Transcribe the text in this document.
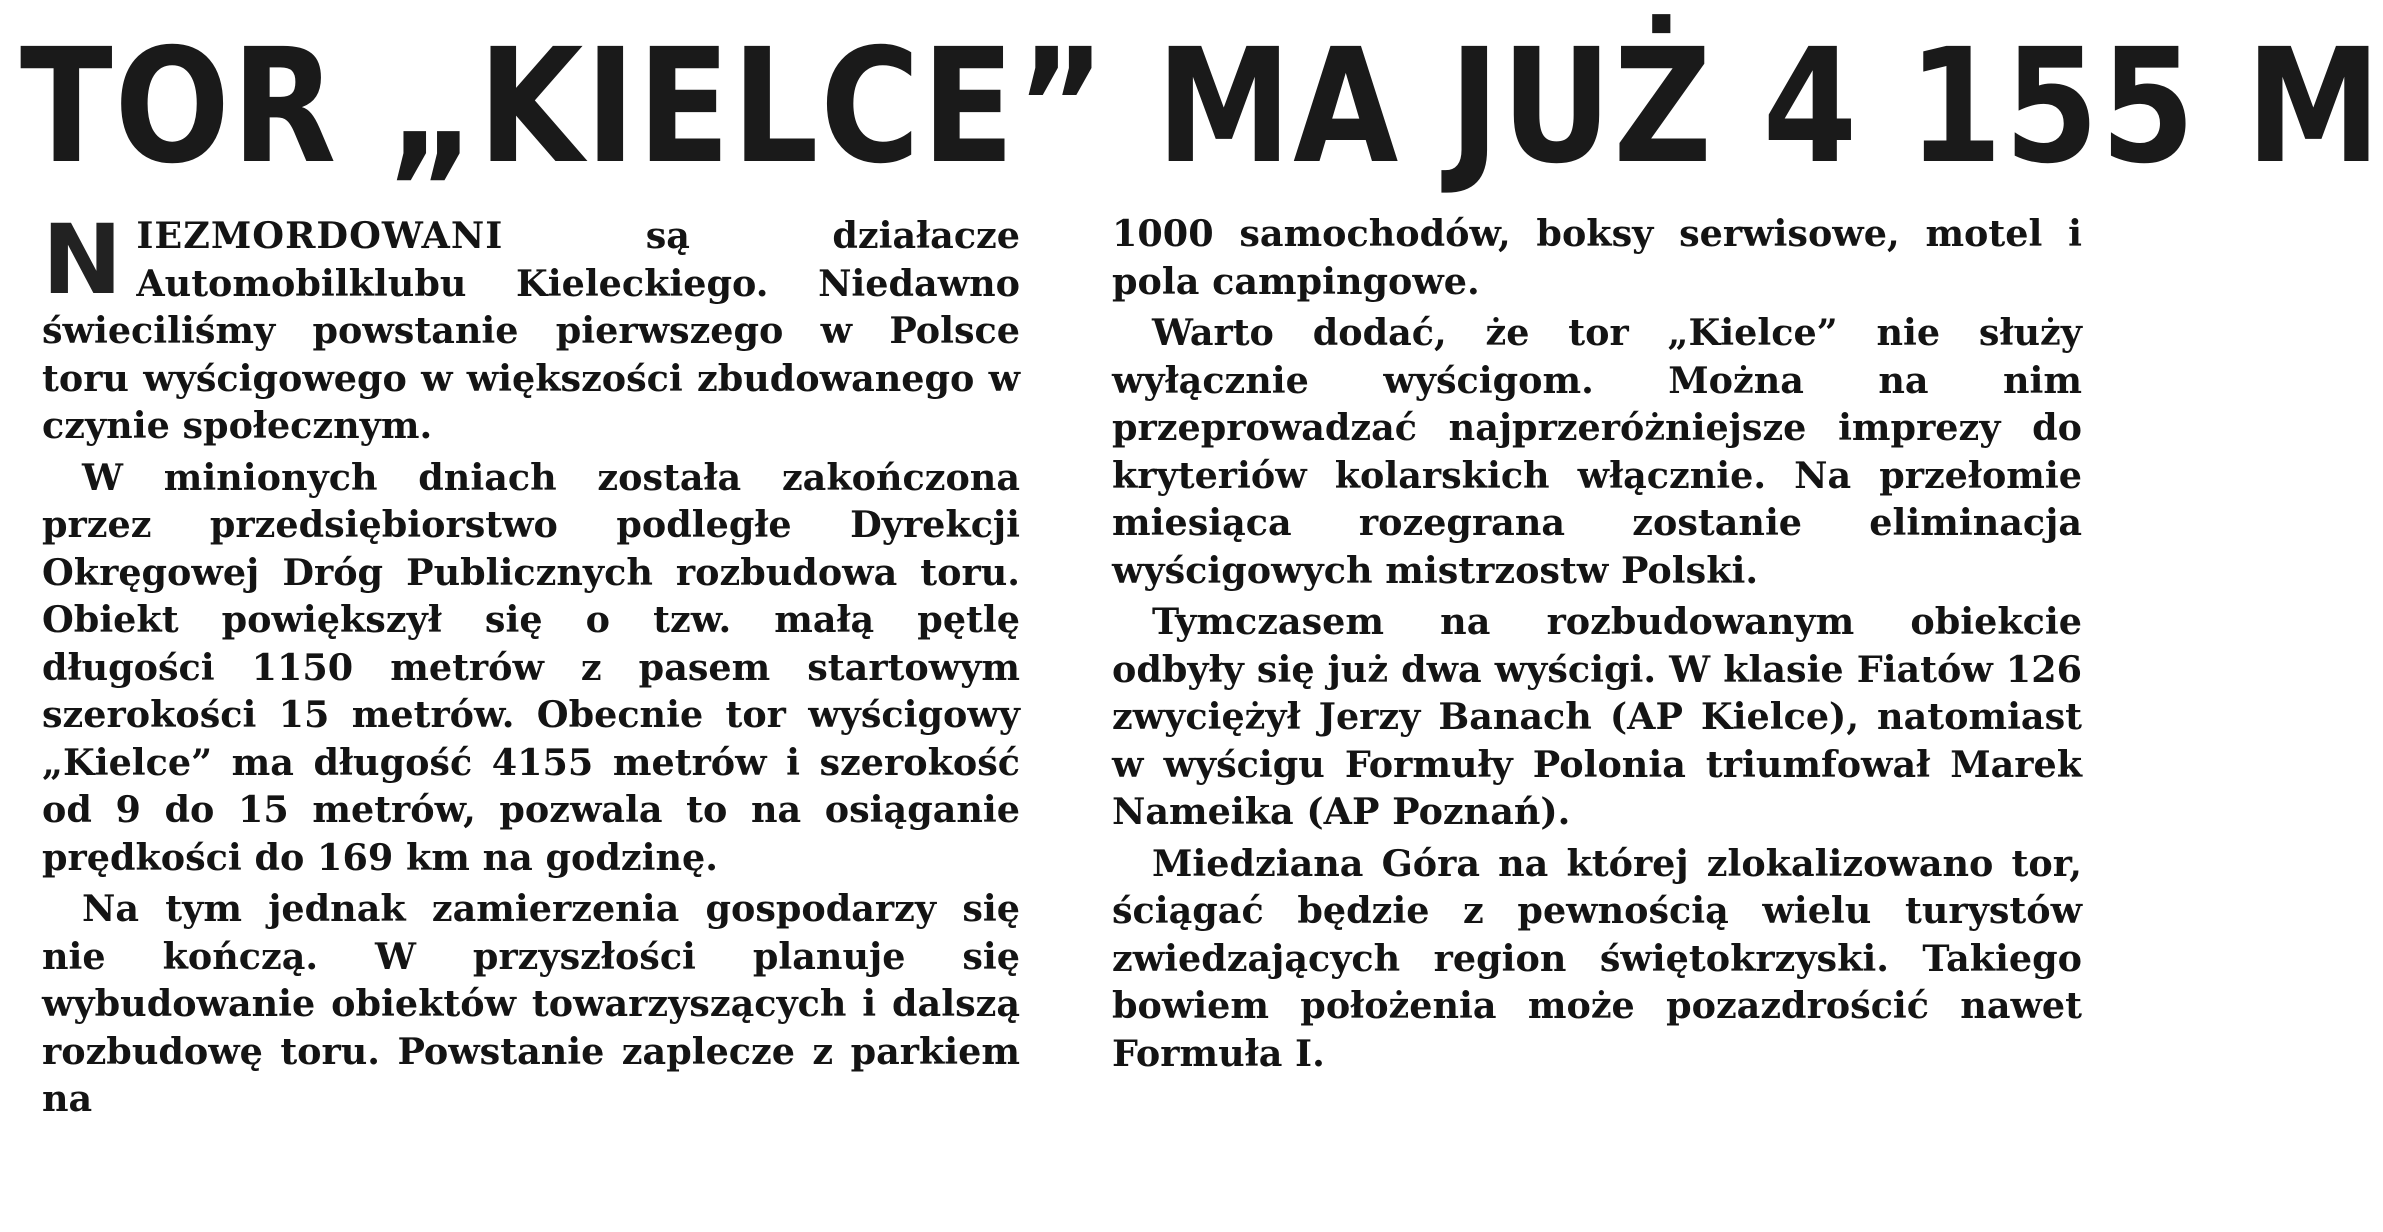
TOR „KIELCE” MA JUŻ 4 155 M

NIEZMORDOWANI są działacze Automobilklubu Kieleckiego. Niedawno świeciliśmy powstanie pierwszego w Polsce toru wyścigowego w większości zbudowanego w czynie społecznym.

W minionych dniach została zakończona przez przedsiębiorstwo podległe Dyrekcji Okręgowej Dróg Publicznych rozbudowa toru. Obiekt powiększył się o tzw. małą pętlę długości 1150 metrów z pasem startowym szerokości 15 metrów. Obecnie tor wyścigowy „Kielce” ma długość 4155 metrów i szerokość od 9 do 15 metrów, pozwala to na osiąganie prędkości do 169 km na godzinę.

Na tym jednak zamierzenia gospodarzy się nie kończą. W przyszłości planuje się wybudowanie obiektów towarzyszących i dalszą rozbudowę toru. Powstanie zaplecze z parkiem na

1000 samochodów, boksy serwisowe, motel i pola campingowe.

Warto dodać, że tor „Kielce” nie służy wyłącznie wyścigom. Można na nim przeprowadzać najprzeróżniejsze imprezy do kryteriów kolarskich włącznie. Na przełomie miesiąca rozegrana zostanie eliminacja wyścigowych mistrzostw Polski.

Tymczasem na rozbudowanym obiekcie odbyły się już dwa wyścigi. W klasie Fiatów 126 zwyciężył Jerzy Banach (AP Kielce), natomiast w wyścigu Formuły Polonia triumfował Marek Nameika (AP Poznań).

Miedziana Góra na której zlokalizowano tor, ściągać będzie z pewnością wielu turystów zwiedzających region świętokrzyski. Takiego bowiem położenia może pozazdrościć nawet Formuła I.
